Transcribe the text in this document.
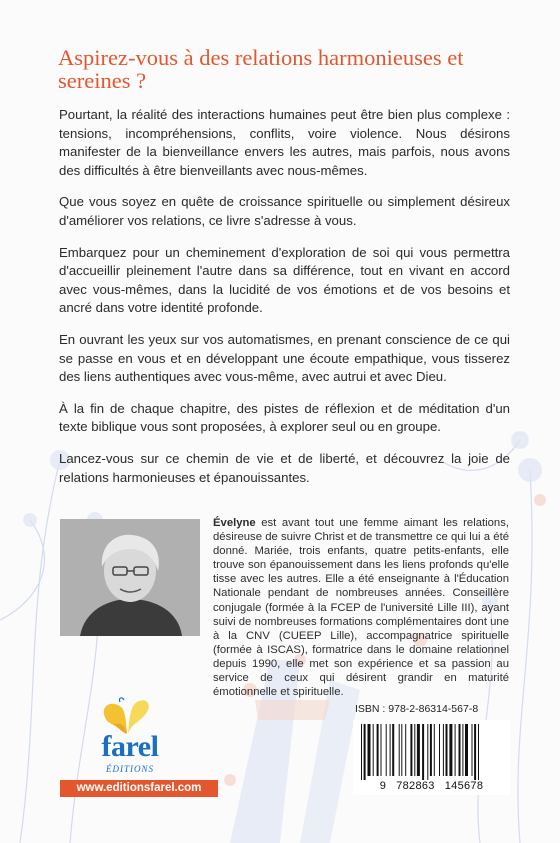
Aspirez-vous à des relations harmonieuses et sereines ?

Pourtant, la réalité des interactions humaines peut être bien plus complexe : tensions, incompréhensions, conflits, voire violence. Nous désirons manifester de la bienveillance envers les autres, mais parfois, nous avons des difficultés à être bienveillants avec nous-mêmes.

Que vous soyez en quête de croissance spirituelle ou simplement désireux d'améliorer vos relations, ce livre s'adresse à vous.

Embarquez pour un cheminement d'exploration de soi qui vous permettra d'accueillir pleinement l'autre dans sa différence, tout en vivant en accord avec vous-mêmes, dans la lucidité de vos émotions et de vos besoins et ancré dans votre identité profonde.

En ouvrant les yeux sur vos automatismes, en prenant conscience de ce qui se passe en vous et en développant une écoute empathique, vous tisserez des liens authentiques avec vous-même, avec autrui et avec Dieu.

À la fin de chaque chapitre, des pistes de réflexion et de méditation d'un texte biblique vous sont proposées, à explorer seul ou en groupe.

Lancez-vous sur ce chemin de vie et de liberté, et découvrez la joie de relations harmonieuses et épanouissantes.

Évelyne est avant tout une femme aimant les relations, désireuse de suivre Christ et de transmettre ce qui lui a été donné. Mariée, trois enfants, quatre petits-enfants, elle trouve son épanouissement dans les liens profonds qu'elle tisse avec les autres. Elle a été enseignante à l'Éducation Nationale pendant de nombreuses années. Conseillère conjugale (formée à la FCEP de l'université Lille III), ayant suivi de nombreuses formations complémentaires dont une à la CNV (CUEEP Lille), accompagnatrice spirituelle (formée à ISCAS), formatrice dans le domaine relationnel depuis 1990, elle met son expérience et sa passion au service de ceux qui désirent grandir en maturité émotionnelle et spirituelle.

farel
ÉDITIONS
www.editionsfarel.com
ISBN : 978-2-86314-567-8
9   782863   145678
